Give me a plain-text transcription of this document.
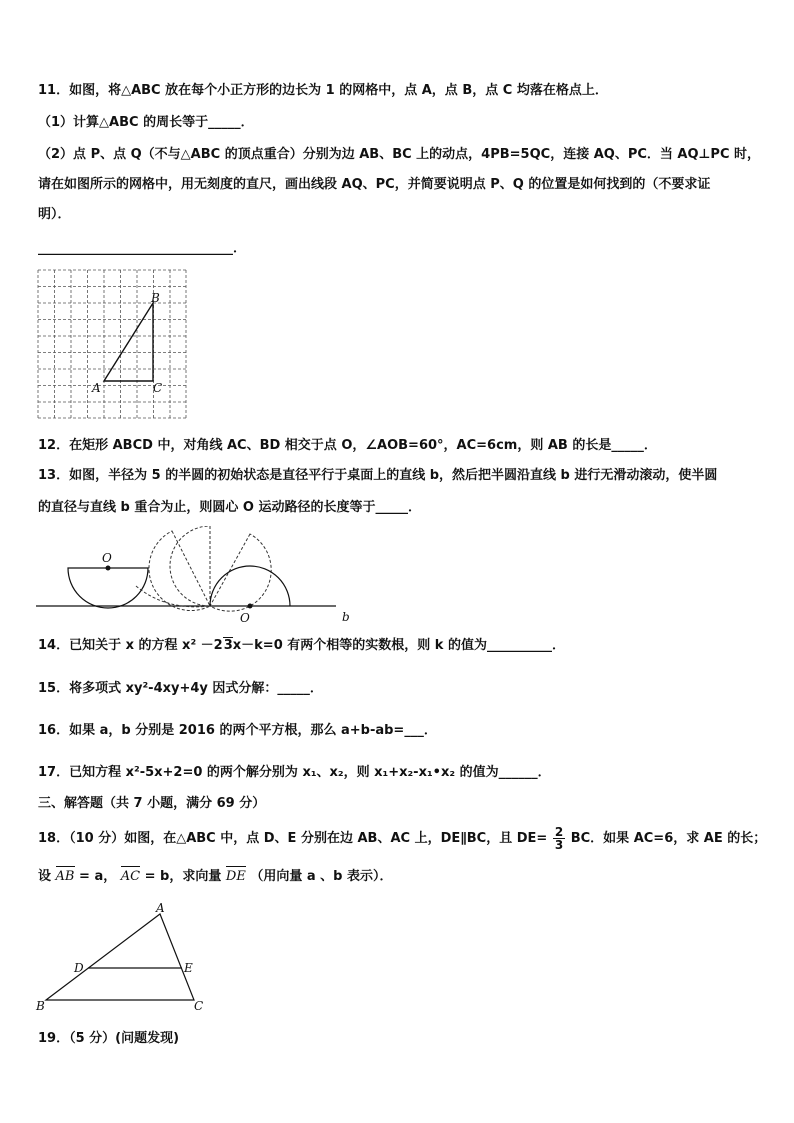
11．如图，将△ABC 放在每个小正方形的边长为 1 的网格中，点 A，点 B，点 C 均落在格点上．
（1）计算△ABC 的周长等于_____．
（2）点 P、点 Q（不与△ABC 的顶点重合）分别为边 AB、BC 上的动点，4PB=5QC，连接 AQ、PC．当 AQ⊥PC 时，
请在如图所示的网格中，用无刻度的直尺，画出线段 AQ、PC，并简要说明点 P、Q 的位置是如何找到的（不要求证
明）．
______________________________．
A
B
C
12．在矩形 ABCD 中，对角线 AC、BD 相交于点 O，∠AOB=60°，AC=6cm，则 AB 的长是_____．
13．如图，半径为 5 的半圆的初始状态是直径平行于桌面上的直线 b，然后把半圆沿直线 b 进行无滑动滚动，使半圆
的直径与直线 b 重合为止，则圆心 O 运动路径的长度等于_____．
O
O	b
14．已知关于 x 的方程 x² －23x－k=0 有两个相等的实数根，则 k 的值为__________．
15．将多项式 xy²-4xy+4y 因式分解：_____．
16．如果 a，b 分别是 2016 的两个平方根，那么 a+b-ab=___．
17．已知方程 x²-5x+2=0 的两个解分别为 x₁、x₂，则 x₁+x₂-x₁•x₂ 的值为______．
三、解答题（共 7 小题，满分 69 分）
18．（10 分）如图，在△ABC 中，点 D、E 分别在边 AB、AC 上，DE∥BC，且 $DE= \frac{2}{3}$ BC．如果 AC=6，求 AE 的长；
设 AB = a， AC = b，求向量 DE （用向量 a 、b 表示）．
A
B	C
D	E
19．（5 分）(问题发现)
